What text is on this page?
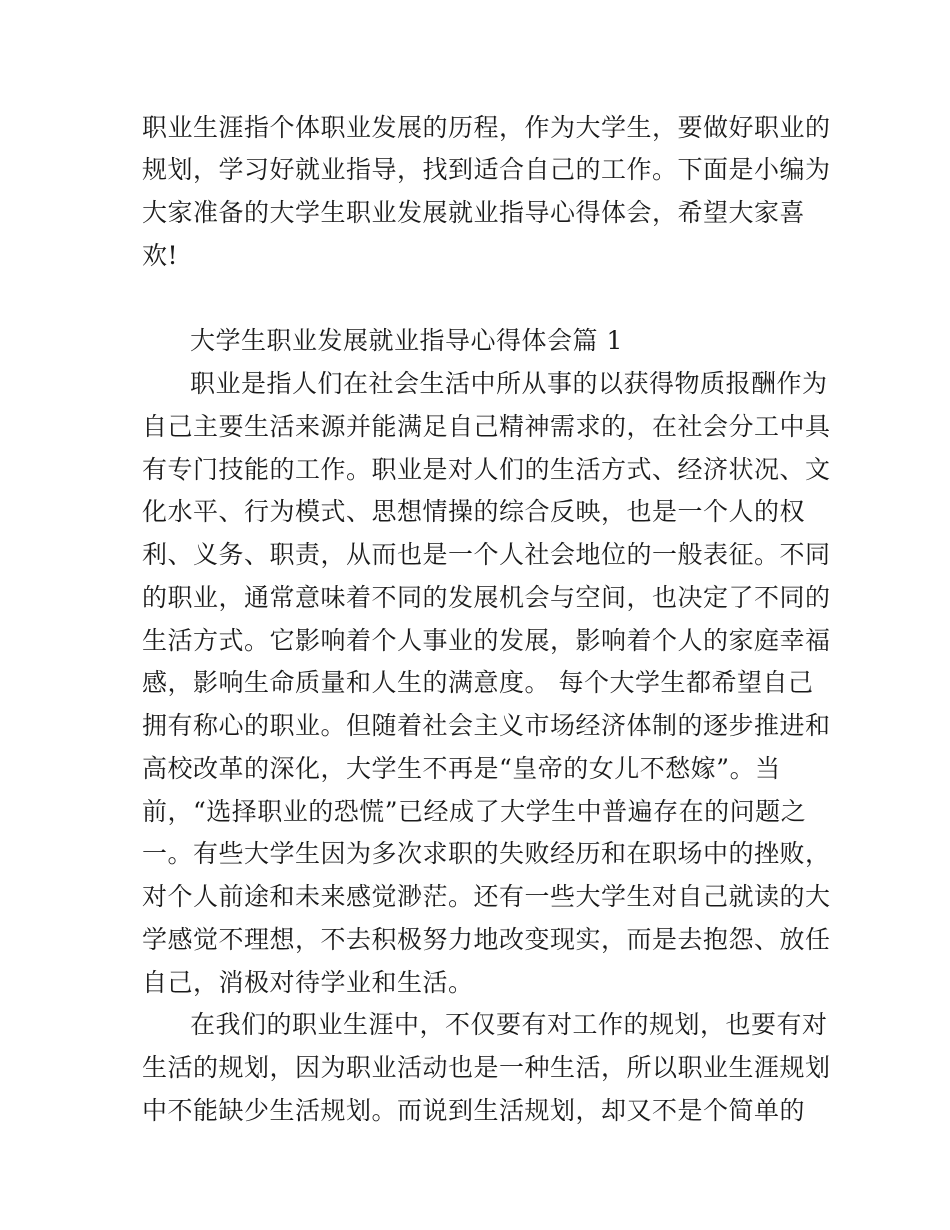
职业生涯指个体职业发展的历程，作为大学生，要做好职业的
规划，学习好就业指导，找到适合自己的工作。下面是小编为
大家准备的大学生职业发展就业指导心得体会，希望大家喜
欢!
大学生职业发展就业指导心得体会篇 1
职业是指人们在社会生活中所从事的以获得物质报酬作为
自己主要生活来源并能满足自己精神需求的，在社会分工中具
有专门技能的工作。职业是对人们的生活方式、经济状况、文
化水平、行为模式、思想情操的综合反映，也是一个人的权
利、义务、职责，从而也是一个人社会地位的一般表征。不同
的职业，通常意味着不同的发展机会与空间，也决定了不同的
生活方式。它影响着个人事业的发展，影响着个人的家庭幸福
感，影响生命质量和人生的满意度。 每个大学生都希望自己
拥有称心的职业。但随着社会主义市场经济体制的逐步推进和
高校改革的深化，大学生不再是“皇帝的女儿不愁嫁”。当
前，“选择职业的恐慌”已经成了大学生中普遍存在的问题之
一。有些大学生因为多次求职的失败经历和在职场中的挫败，
对个人前途和未来感觉渺茫。还有一些大学生对自己就读的大
学感觉不理想，不去积极努力地改变现实，而是去抱怨、放任
自己，消极对待学业和生活。
在我们的职业生涯中，不仅要有对工作的规划，也要有对
生活的规划，因为职业活动也是一种生活，所以职业生涯规划
中不能缺少生活规划。而说到生活规划，却又不是个简单的
